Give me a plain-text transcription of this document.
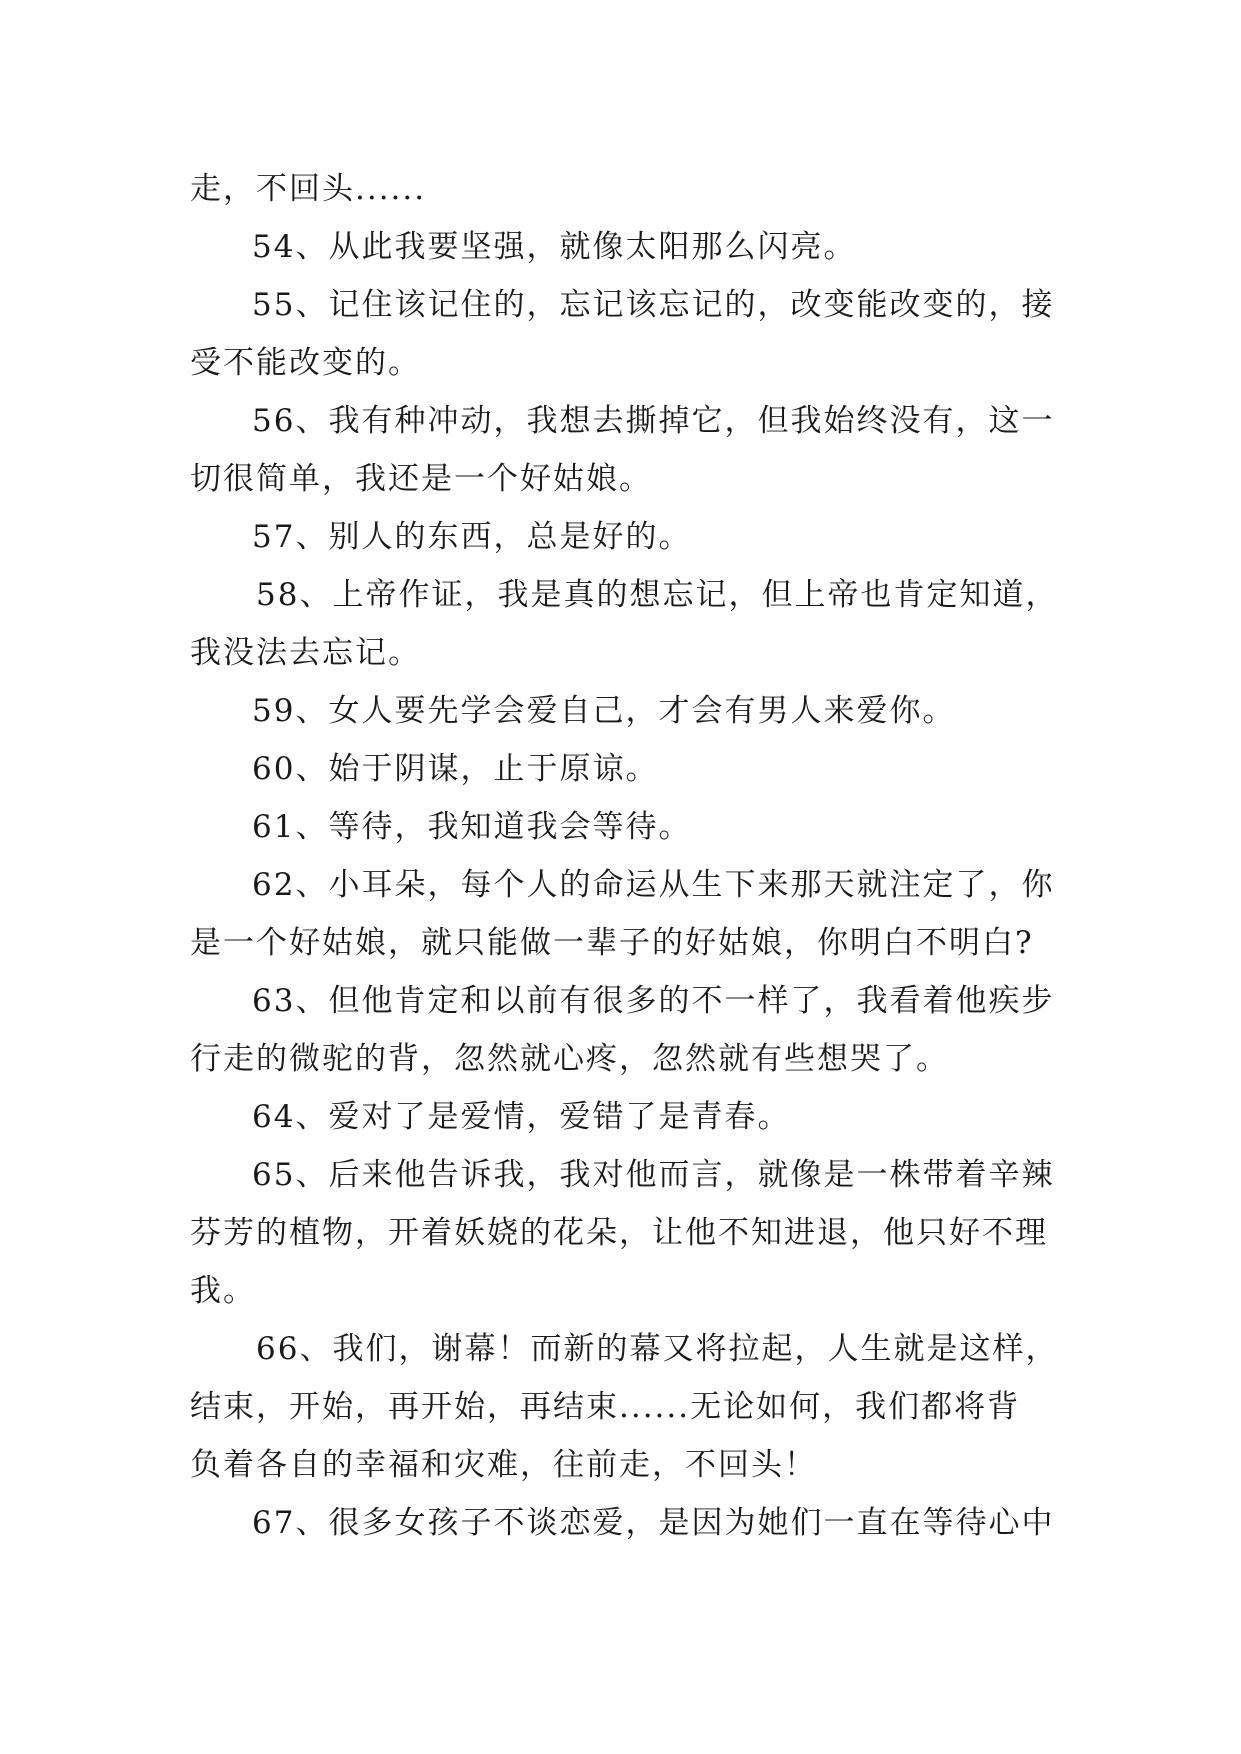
走，不回头......
54、从此我要坚强，就像太阳那么闪亮。
55、记住该记住的，忘记该忘记的，改变能改变的，接
受不能改变的。
56、我有种冲动，我想去撕掉它，但我始终没有，这一
切很简单，我还是一个好姑娘。
57、别人的东西，总是好的。
58、上帝作证，我是真的想忘记，但上帝也肯定知道，
我没法去忘记。
59、女人要先学会爱自己，才会有男人来爱你。
60、始于阴谋，止于原谅。
61、等待，我知道我会等待。
62、小耳朵，每个人的命运从生下来那天就注定了，你
是一个好姑娘，就只能做一辈子的好姑娘，你明白不明白?
63、但他肯定和以前有很多的不一样了，我看着他疾步
行走的微驼的背，忽然就心疼，忽然就有些想哭了。
64、爱对了是爱情，爱错了是青春。
65、后来他告诉我，我对他而言，就像是一株带着辛辣
芬芳的植物，开着妖娆的花朵，让他不知进退，他只好不理
我。
66、我们，谢幕！而新的幕又将拉起，人生就是这样，
结束，开始，再开始，再结束......无论如何，我们都将背
负着各自的幸福和灾难，往前走，不回头！
67、很多女孩子不谈恋爱，是因为她们一直在等待心中
